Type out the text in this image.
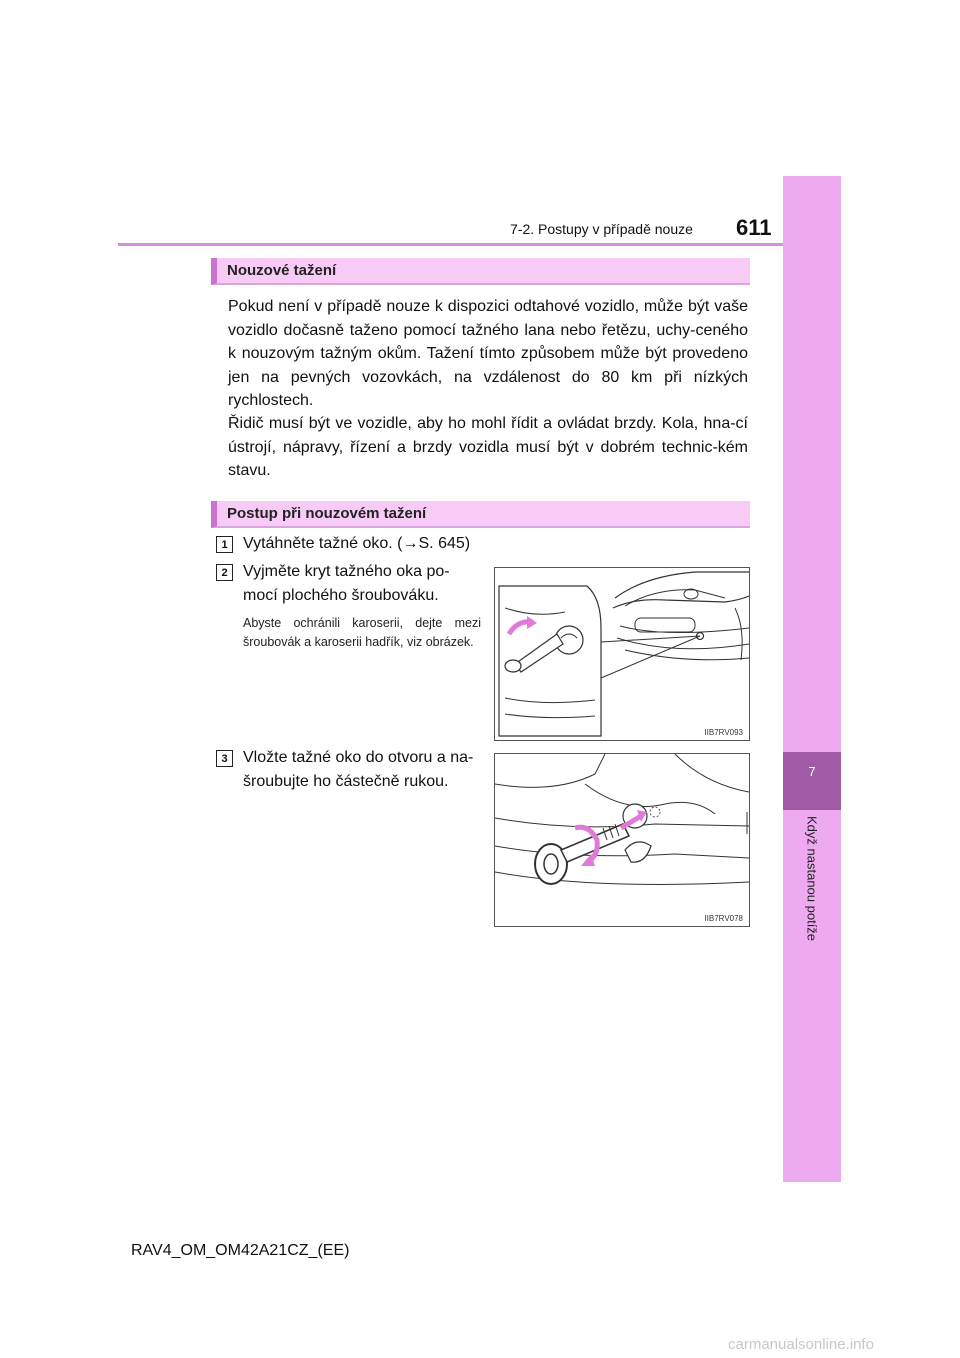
7
Když nastanou potíže
7-2. Postupy v případě nouze 611
Nouzové tažení
Pokud není v případě nouze k dispozici odtahové vozidlo, může být vaše vozidlo dočasně taženo pomocí tažného lana nebo řetězu, uchy-ceného k nouzovým tažným okům. Tažení tímto způsobem může být provedeno jen na pevných vozovkách, na vzdálenost do 80 km při nízkých rychlostech.
Řidič musí být ve vozidle, aby ho mohl řídit a ovládat brzdy. Kola, hna-cí ústrojí, nápravy, řízení a brzdy vozidla musí být v dobrém technic-kém stavu.
Postup při nouzovém tažení
1 Vytáhněte tažné oko. (→S. 645)
2 Vyjměte kryt tažného oka po-
mocí plochého šroubováku.
Abyste ochránili karoserii, dejte mezi šroubovák a karoserii hadřík, viz obrázek.
3 Vložte tažné oko do otvoru a na-
šroubujte ho částečně rukou.
IIB7RV093
IIB7RV078
RAV4_OM_OM42A21CZ_(EE)
carmanualsonline.info
